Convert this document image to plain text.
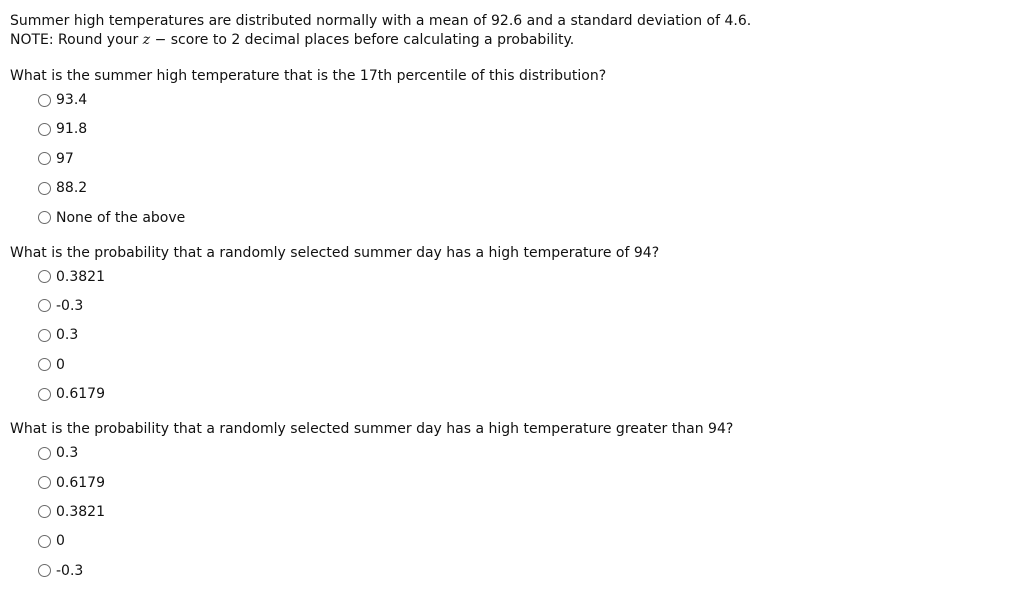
Summer high temperatures are distributed normally with a mean of 92.6 and a standard deviation of 4.6.
NOTE: Round your z − score to 2 decimal places before calculating a probability.
What is the summer high temperature that is the 17th percentile of this distribution?
93.4
91.8
97
88.2
None of the above
What is the probability that a randomly selected summer day has a high temperature of 94?
0.3821
-0.3
0.3
0
0.6179
What is the probability that a randomly selected summer day has a high temperature greater than 94?
0.3
0.6179
0.3821
0
-0.3
